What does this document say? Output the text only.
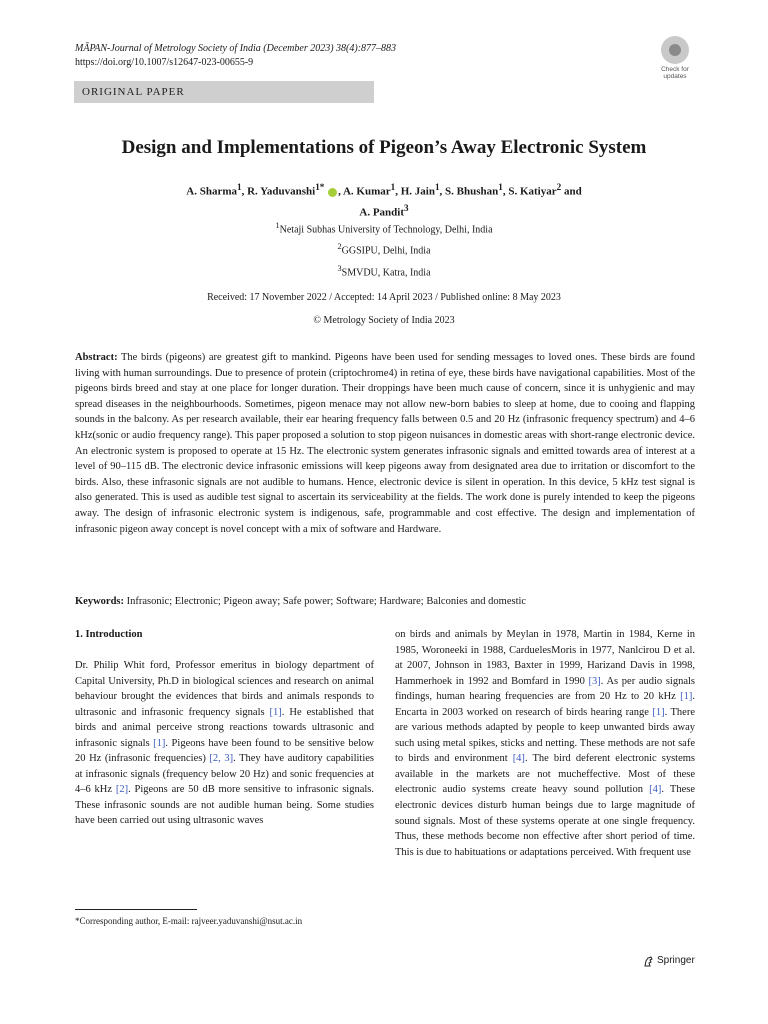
MĀPAN-Journal of Metrology Society of India (December 2023) 38(4):877–883
https://doi.org/10.1007/s12647-023-00655-9
Check for
updates
ORIGINAL PAPER
Design and Implementations of Pigeon’s Away Electronic System
A. Sharma$^1$, R. Yaduvanshi$^{1*}$ , A. Kumar$^1$, H. Jain$^1$, S. Bhushan$^1$, S. Katiyar$^2$ and
A. Pandit$^3$
$^1$Netaji Subhas University of Technology, Delhi, India
$^2$GGSIPU, Delhi, India
$^3$SMVDU, Katra, India
Received: 17 November 2022 / Accepted: 14 April 2023 / Published online: 8 May 2023
© Metrology Society of India 2023
Abstract: The birds (pigeons) are greatest gift to mankind. Pigeons have been used for sending messages to loved ones. These birds are found living with human surroundings. Due to presence of protein (criptochrome4) in retina of eye, these birds have navigational capabilities. Most of the pigeons birds breed and stay at one place for longer duration. Their droppings have been much cause of concern, since it is unhygienic and may spread diseases in the neighbourhoods. Sometimes, pigeon menace may not allow new-born babies to sleep at home, due to cooing and flapping sounds in the balcony. As per research available, their ear hearing frequency falls between 0.5 and 20 Hz (infrasonic frequency spectrum) and 4–6 kHz(sonic or audio frequency range). This paper proposed a solution to stop pigeon nuisances in domestic areas with short-range electronic device. An electronic system is proposed to operate at 15 Hz. The electronic system generates infrasonic signals and emitted towards area of interest at a level of 90–115 dB. The electronic device infrasonic emissions will keep pigeons away from designated area due to irritation or discomfort to the birds. Also, these infrasonic signals are not audible to humans. Hence, electronic device is silent in operation. In this device, 5 kHz test signal is also generated. This is used as audible test signal to ascertain its serviceability at the fields. The work done is purely intended to keep the pigeons away. The design of infrasonic electronic system is indigenous, safe, programmable and cost effective. The design and implementation of infrasonic pigeon away concept is novel concept with a mix of software and Hardware.
Keywords: Infrasonic; Electronic; Pigeon away; Safe power; Software; Hardware; Balconies and domestic
1. Introduction
Dr. Philip Whit ford, Professor emeritus in biology department of Capital University, Ph.D in biological sciences and research on animal behaviour brought the evidences that birds and animals responds to ultrasonic and infrasonic frequency signals [1]. He established that birds and animal perceive strong reactions towards ultrasonic and infrasonic signals [1]. Pigeons have been found to be sensitive below 20 Hz (infrasonic frequencies) [2, 3]. They have auditory capabilities at infrasonic signals (frequency below 20 Hz) and sonic frequencies at 4–6 kHz [2]. Pigeons are 50 dB more sensitive to infrasonic signals. These infrasonic sounds are not audible human being. Some studies have been carried out using ultrasonic waves
on birds and animals by Meylan in 1978, Martin in 1984, Kerne in 1985, Woroneeki in 1988, CarduelesMoris in 1977, Nanlcirou D et al. at 2007, Johnson in 1983, Baxter in 1999, Harizand Davis in 1998, Hammerhoek in 1992 and Bomfard in 1990 [3]. As per audio signals findings, human hearing frequencies are from 20 Hz to 20 kHz [1]. Encarta in 2003 worked on research of birds hearing range [1]. There are various methods adapted by people to keep unwanted birds away such using metal spikes, sticks and netting. These methods are not safe to birds and environment [4]. The bird deferent electronic systems available in the markets are not mucheffective. Most of these electronic audio systems create heavy sound pollution [4]. These electronic devices disturb human beings due to large magnitude of sound signals. Most of these systems operate at one single frequency. Thus, these methods become non effective after short period of time. This is due to habituations or adaptations perceived. With frequent use
*Corresponding author, E-mail: rajveer.yaduvanshi@nsut.ac.in
Springer
